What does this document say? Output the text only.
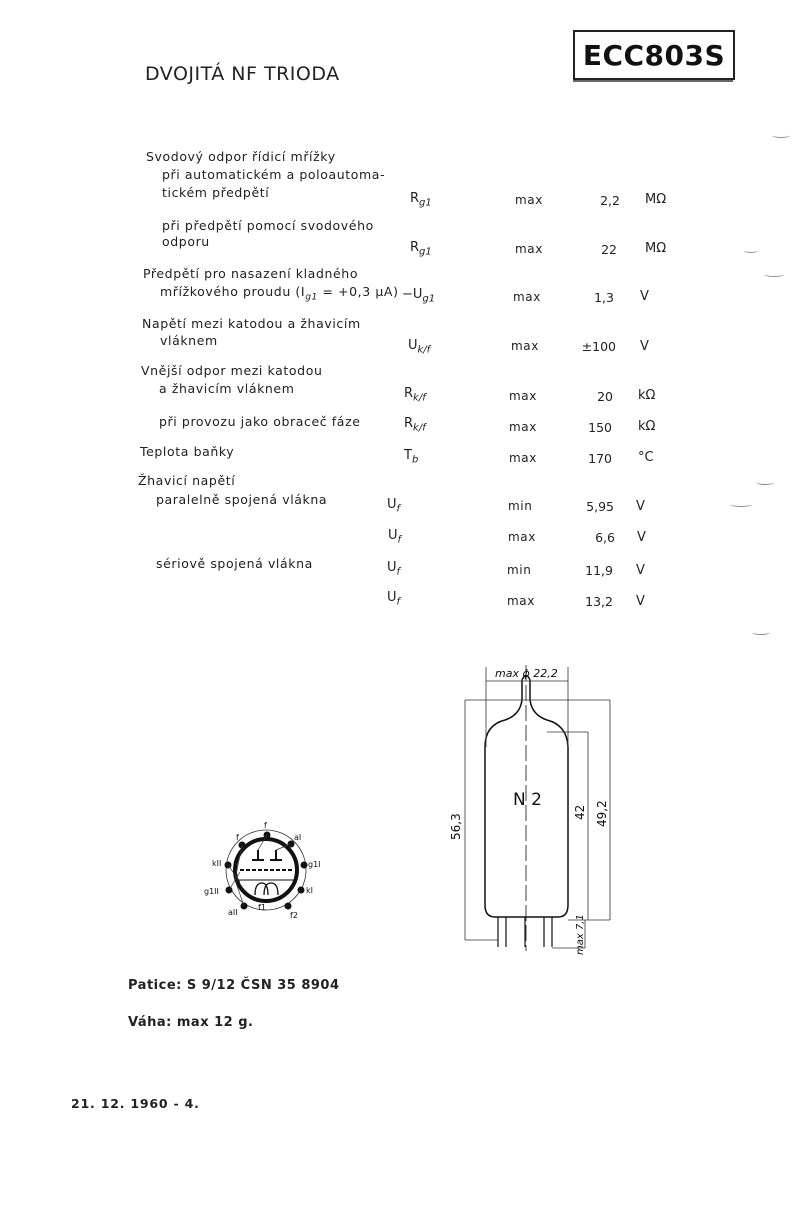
DVOJITÁ NF TRIODA
ECC803S
Svodový odpor řídicí mřížky
při automatickém a poloautoma-
tickém předpětí	$R_{g1}$	max	2,2 MΩ
při předpětí pomocí svodového
odporu	$R_{g1}$	max	22 MΩ
Předpětí pro nasazení kladného
mřížkového proudu ($I_{g1} = +0,3$ $\mu A) -U_{g1}$	max	1,3 V
Napětí mezi katodou a žhavicím
vláknem	$U_{k/f}$	max	±100 V
Vnější odpor mezi katodou
a žhavicím vláknem	$R_{k/f}$	max	20 kΩ
při provozu jako obraceč fáze	$R_{k/f}$	max	150 kΩ
Teplota baňky	$T_b$	max	170 °C
Žhavicí napětí
paralelně spojená vlákna	$U_f$	min	5,95 V
$U_f$	max	6,6 V
sériově spojená vlákna	$U_f$	min	11,9 V
$U_f$	max	13,2 V
f
aI
g1I
kI
f2
f1
aII
g1II
kII
f
max ϕ 22,2
N 2
56,3
42 49,2
max 7,1
Patice: S 9/12 ČSN 35 8904
Váha: max 12 g.
21. 12. 1960 - 4.
